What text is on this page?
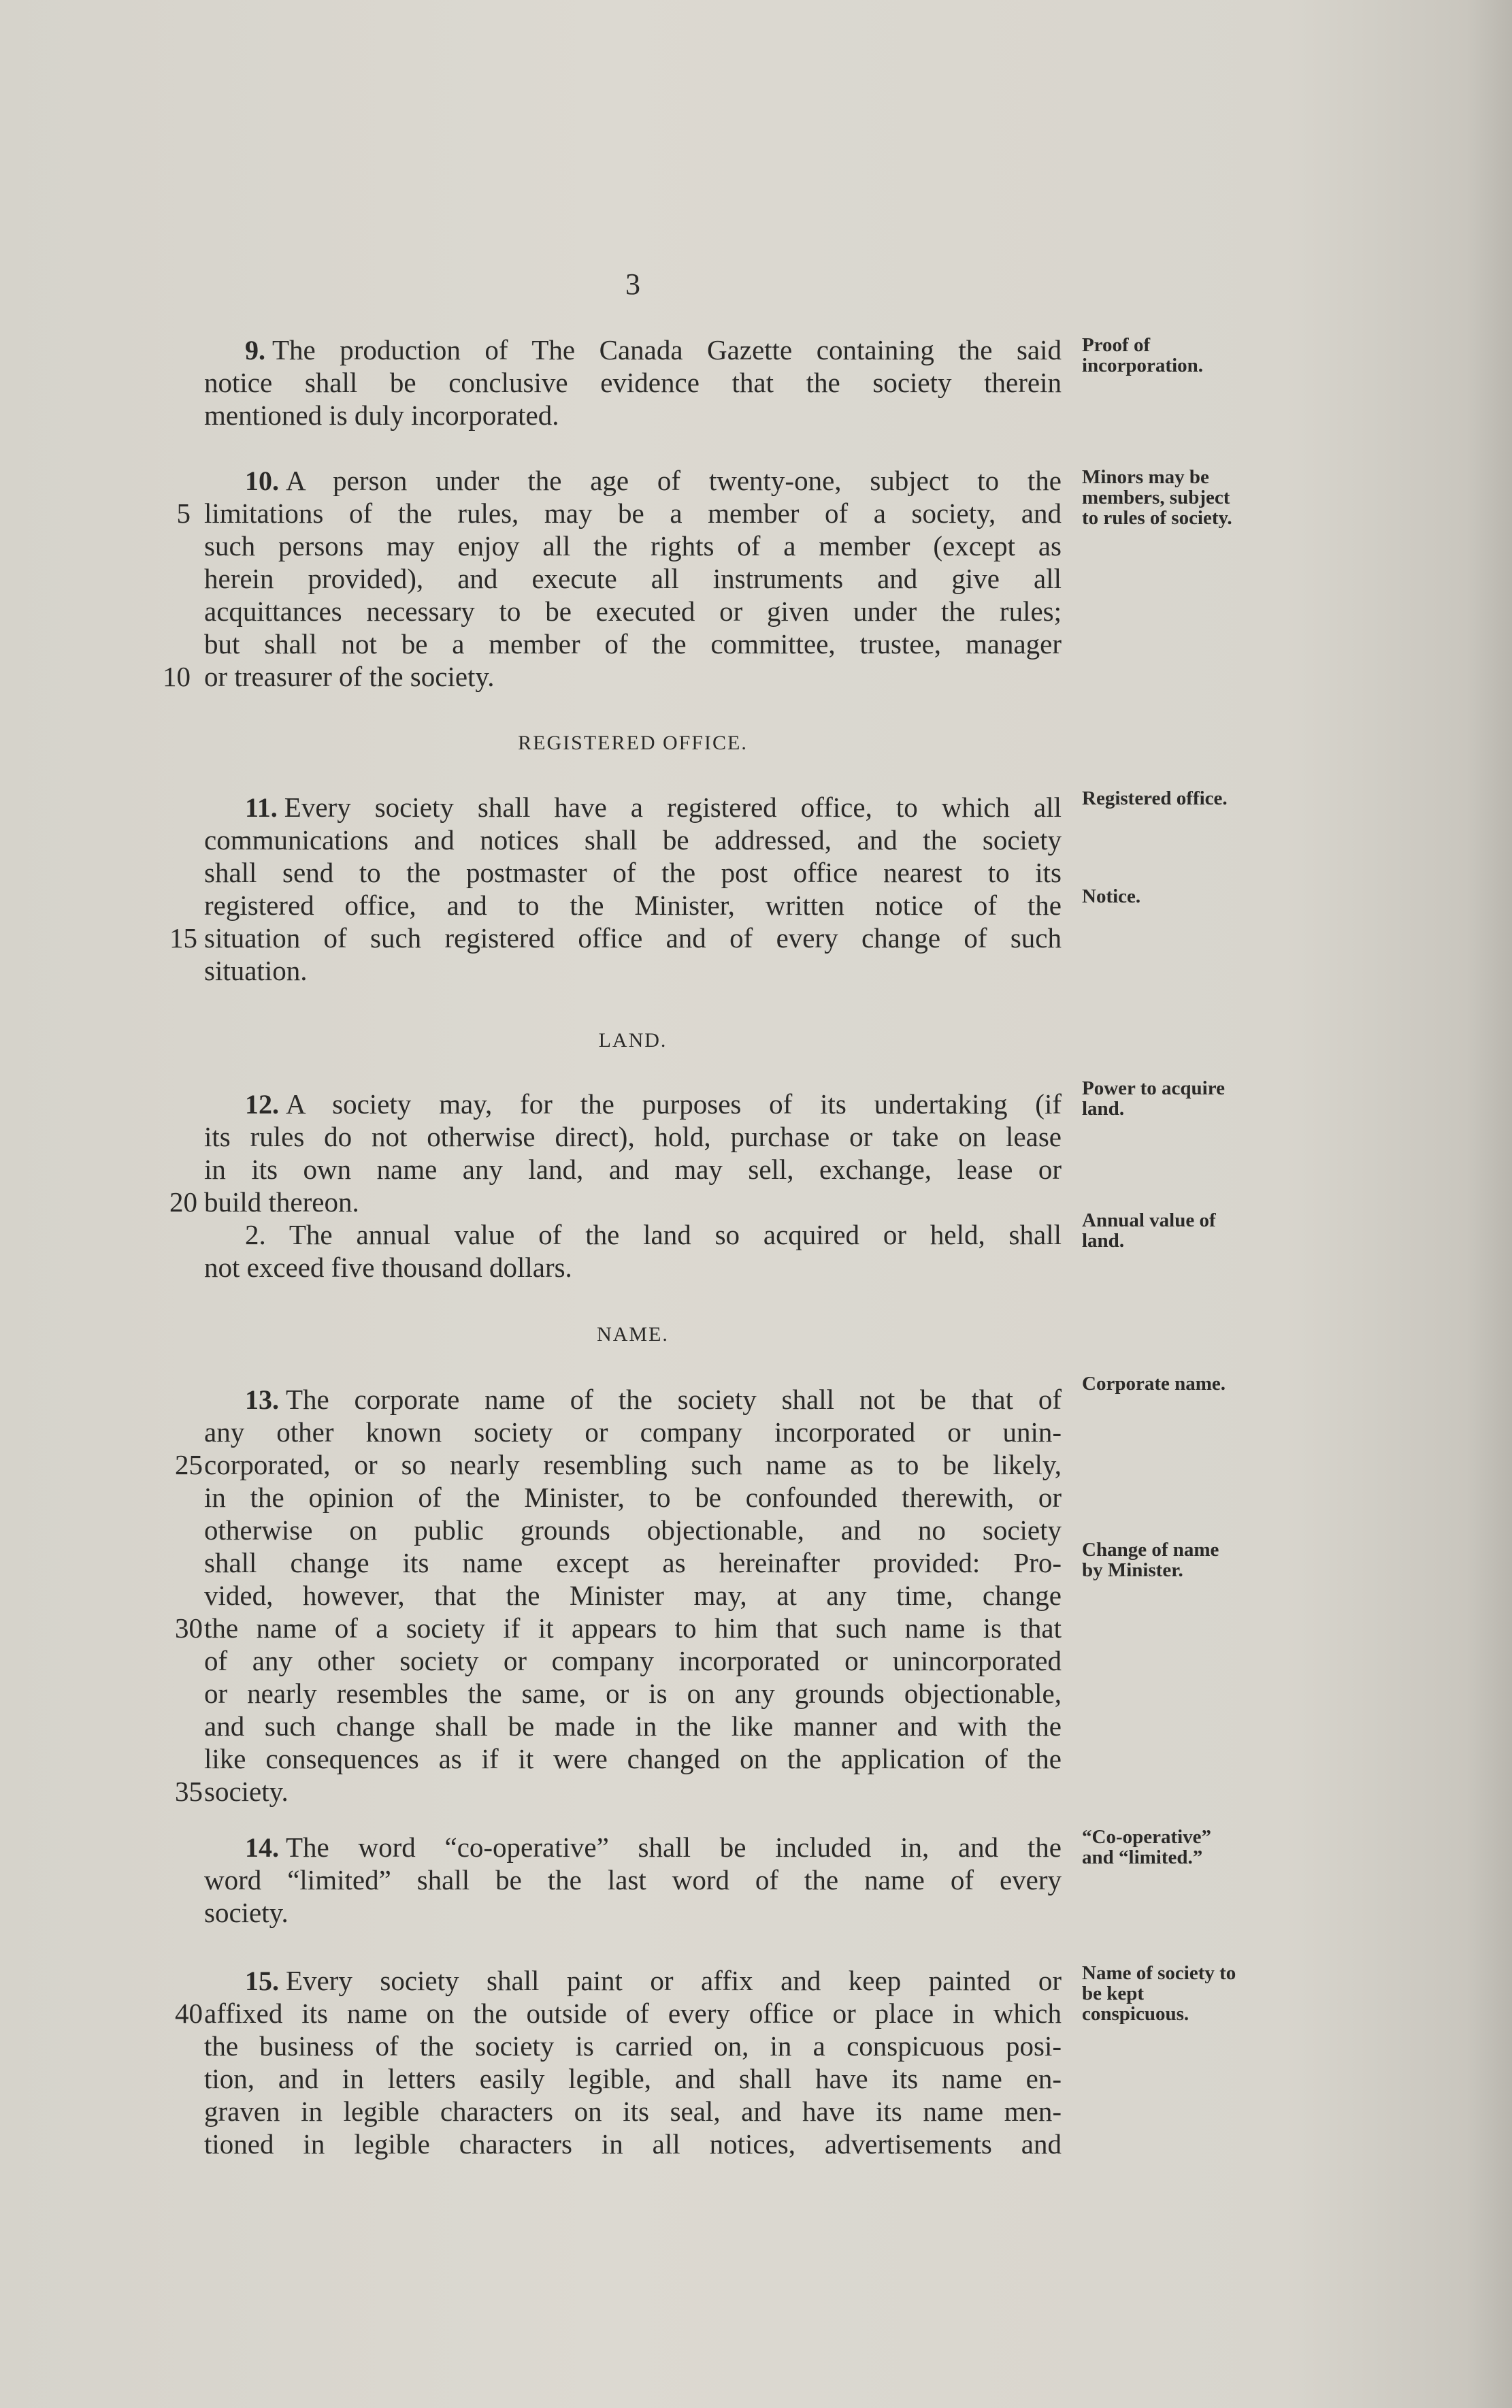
3
9. The production of The Canada Gazette containing the said
notice shall be conclusive evidence that the society therein
mentioned is duly incorporated.
Proof of incorporation.
10. A person under the age of twenty-one, subject to the
limitations of the rules, may be a member of a society, and
such persons may enjoy all the rights of a member (except as
herein provided), and execute all instruments and give all
acquittances necessary to be executed or given under the rules;
but shall not be a member of the committee, trustee, manager
or treasurer of the society.
Minors may be members, subject to rules of society.
5
10
REGISTERED OFFICE.
11. Every society shall have a registered office, to which all
communications and notices shall be addressed, and the society
shall send to the postmaster of the post office nearest to its
registered office, and to the Minister, written notice of the
situation of such registered office and of every change of such
situation.
Registered office.
Notice.
15
LAND.
12. A society may, for the purposes of its undertaking (if
its rules do not otherwise direct), hold, purchase or take on lease
in its own name any land, and may sell, exchange, lease or
build thereon.
2. The annual value of the land so acquired or held, shall
not exceed five thousand dollars.
Power to acquire land.
Annual value of land.
20
NAME.
13. The corporate name of the society shall not be that of
any other known society or company incorporated or unin-
corporated, or so nearly resembling such name as to be likely,
in the opinion of the Minister, to be confounded therewith, or
otherwise on public grounds objectionable, and no society
shall change its name except as hereinafter provided: Pro-
vided, however, that the Minister may, at any time, change
the name of a society if it appears to him that such name is that
of any other society or company incorporated or unincorporated
or nearly resembles the same, or is on any grounds objectionable,
and such change shall be made in the like manner and with the
like consequences as if it were changed on the application of the
society.
Corporate name.
Change of name by Minister.
25
30
35
14. The word “co-operative” shall be included in, and the
word “limited” shall be the last word of the name of every
society.
“Co-operative” and “limited.”
15. Every society shall paint or affix and keep painted or
affixed its name on the outside of every office or place in which
the business of the society is carried on, in a conspicuous posi-
tion, and in letters easily legible, and shall have its name en-
graven in legible characters on its seal, and have its name men-
tioned in legible characters in all notices, advertisements and
Name of society to be kept conspicuous.
40
